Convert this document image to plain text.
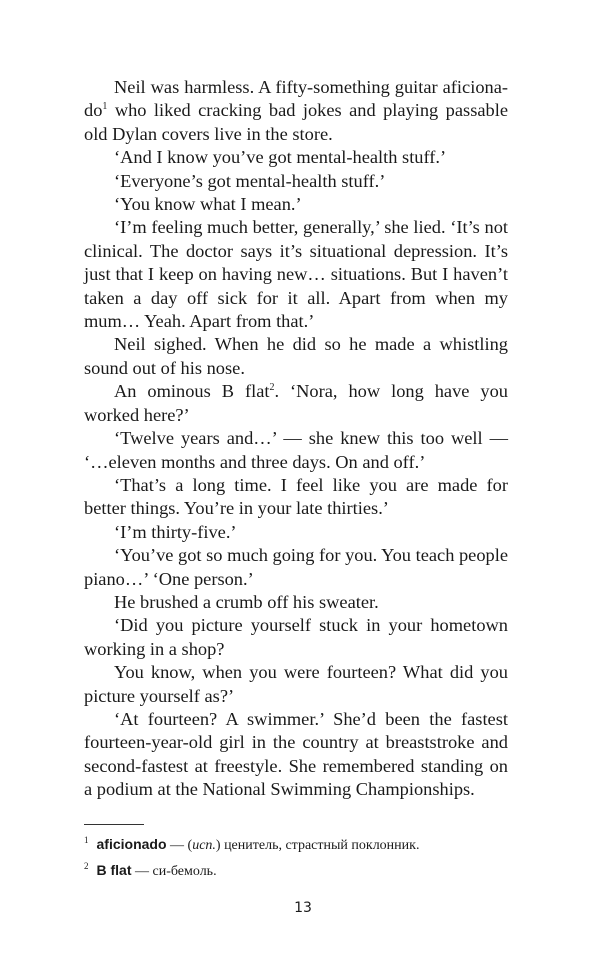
Neil was harmless. A fifty-something guitar aficiona-$do^1$ who liked cracking bad jokes and playing passable old Dylan covers live in the store.

‘And I know you’ve got mental-health stuff.’

‘Everyone’s got mental-health stuff.’

‘You know what I mean.’

‘I’m feeling much better, generally,’ she lied. ‘It’s not clinical. The doctor says it’s situational depression. It’s just that I keep on having new… situations. But I haven’t taken a day off sick for it all. Apart from when my mum… Yeah. Apart from that.’

Neil sighed. When he did so he made a whistling sound out of his nose.

An ominous B flat$^2$. ‘Nora, how long have you worked here?’

‘Twelve years and…’ — she knew this too well — ‘…eleven months and three days. On and off.’

‘That’s a long time. I feel like you are made for better things. You’re in your late thirties.’

‘I’m thirty-five.’

‘You’ve got so much going for you. You teach people piano…’ ‘One person.’

He brushed a crumb off his sweater.

‘Did you picture yourself stuck in your hometown working in a shop?

You know, when you were fourteen? What did you picture yourself as?’

‘At fourteen? A swimmer.’ She’d been the fastest fourteen-year-old girl in the country at breaststroke and second-fastest at freestyle. She remembered standing on a podium at the National Swimming Championships.

$^1$ aficionado — (исп.) ценитель, страстный поклонник.

$^2$ B flat — си-бемоль.

13
